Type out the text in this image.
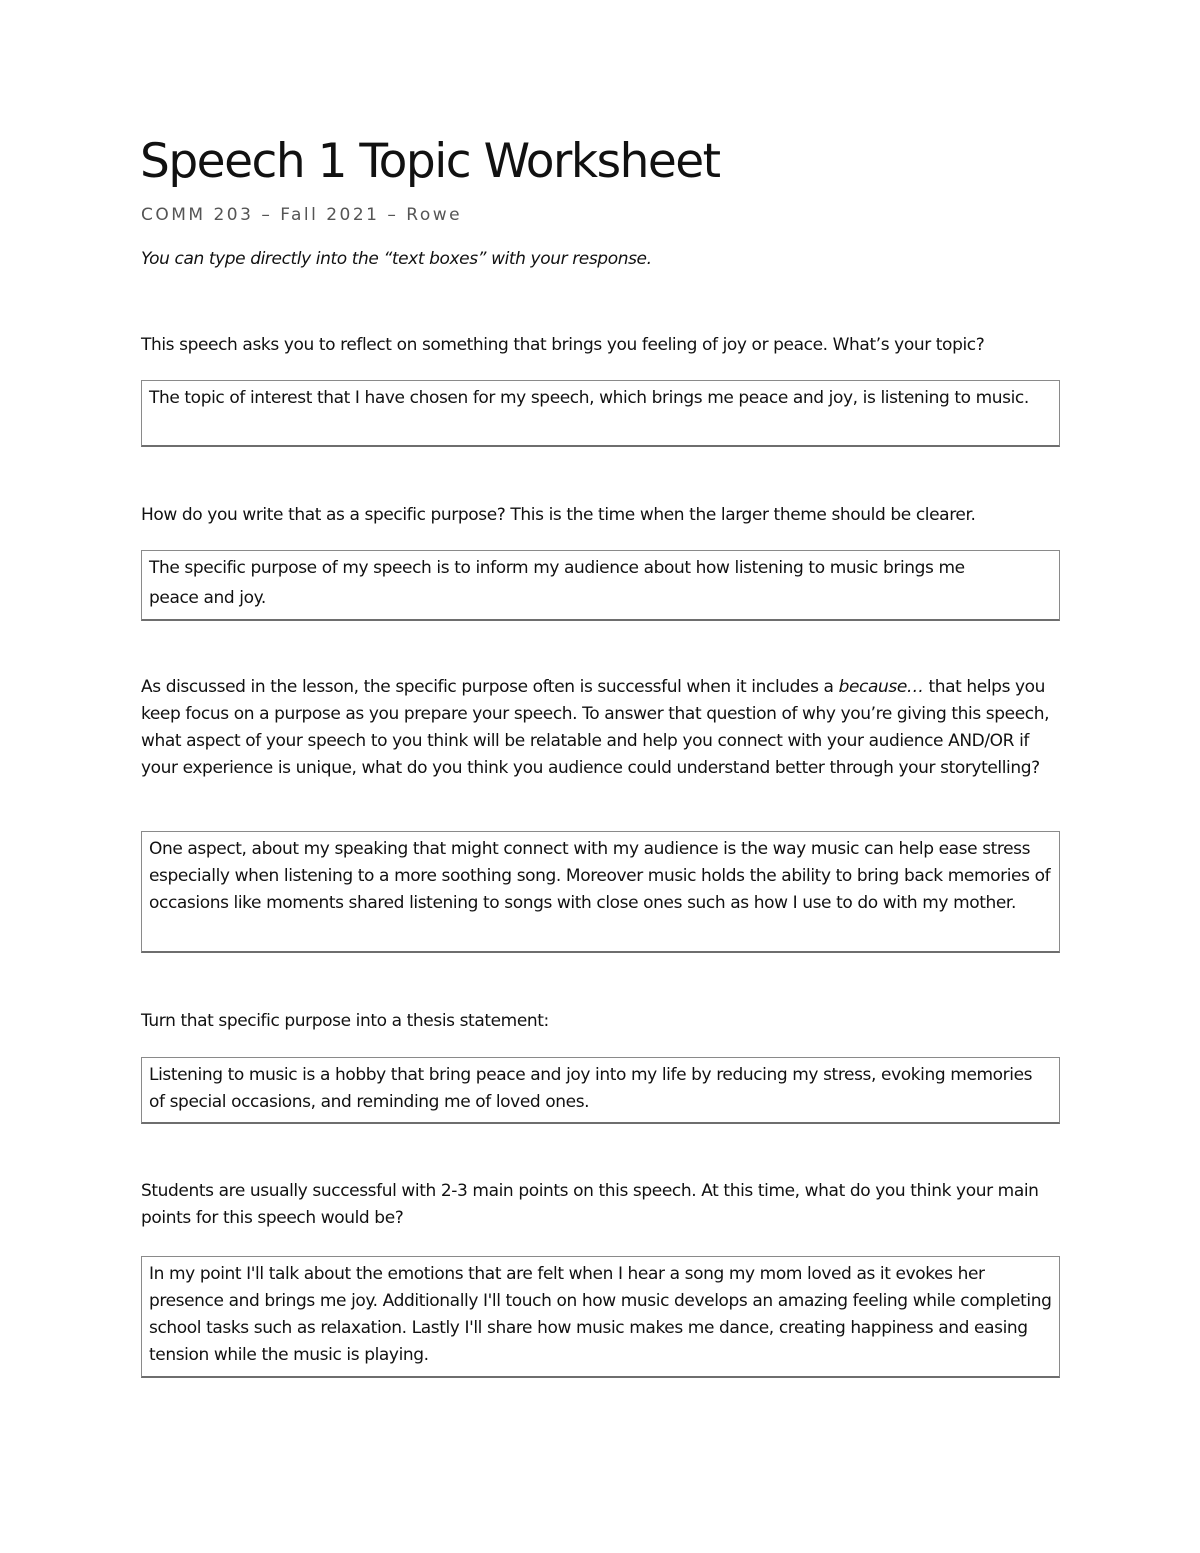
Speech 1 Topic Worksheet
COMM 203 – Fall 2021 – Rowe
You can type directly into the “text boxes” with your response.
This speech asks you to reflect on something that brings you feeling of joy or peace. What’s your topic?
The topic of interest that I have chosen for my speech, which brings me peace and joy, is listening to music.
How do you write that as a specific purpose? This is the time when the larger theme should be clearer.
The specific purpose of my speech is to inform my audience about how listening to music brings me
peace and joy.
As discussed in the lesson, the specific purpose often is successful when it includes a because… that helps you keep focus on a purpose as you prepare your speech. To answer that question of why you’re giving this speech, what aspect of your speech to you think will be relatable and help you connect with your audience AND/OR if your experience is unique, what do you think you audience could understand better through your storytelling?
One aspect, about my speaking that might connect with my audience is the way music can help ease stress especially when listening to a more soothing song. Moreover music holds the ability to bring back memories of occasions like moments shared listening to songs with close ones such as how I use to do with my mother.
Turn that specific purpose into a thesis statement:
Listening to music is a hobby that bring peace and joy into my life by reducing my stress, evoking memories of special occasions, and reminding me of loved ones.
Students are usually successful with 2-3 main points on this speech. At this time, what do you think your main points for this speech would be?
In my point I'll talk about the emotions that are felt when I hear a song my mom loved as it evokes her presence and brings me joy. Additionally I'll touch on how music develops an amazing feeling while completing school tasks such as relaxation. Lastly I'll share how music makes me dance, creating happiness and easing tension while the music is playing.
